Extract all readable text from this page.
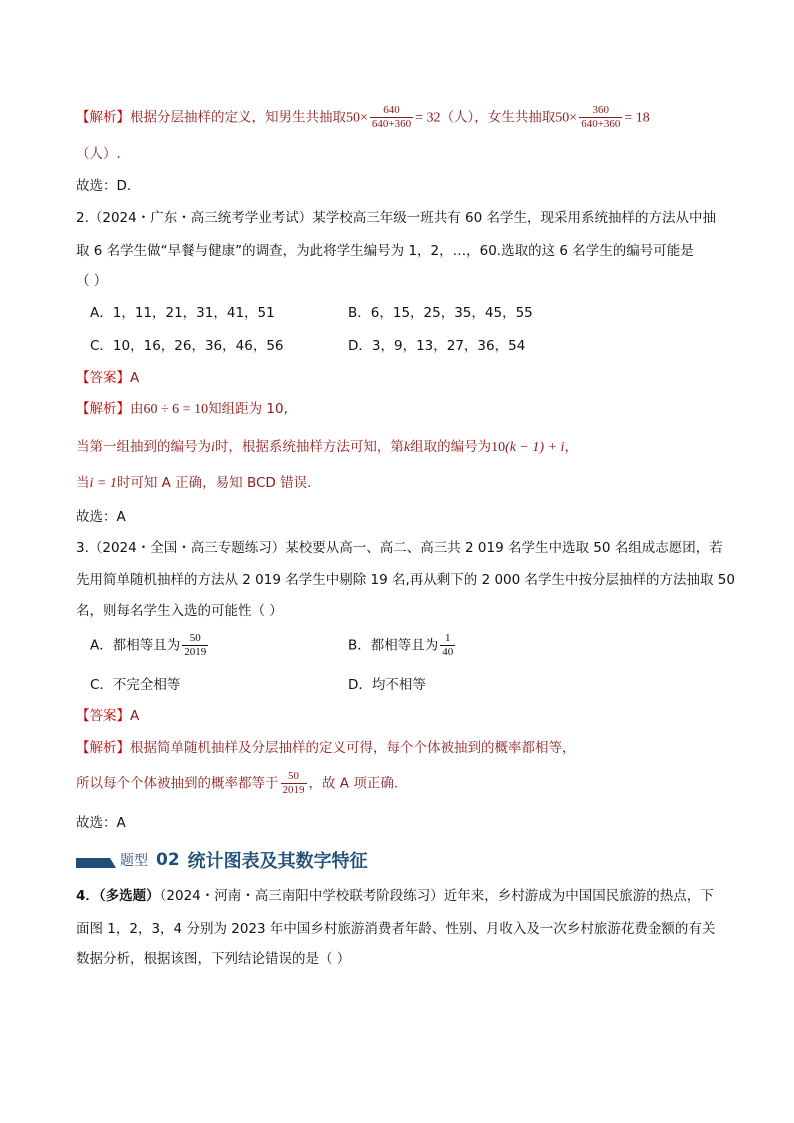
【解析】根据分层抽样的定义，知男生共抽取$50\times \frac{640}{640+360} = 32$（人），女生共抽取$50\times \frac{360}{640+360} = 18$
（人）.
故选：D.
2.（2024・广东・高三统考学业考试）某学校高三年级一班共有 60 名学生，现采用系统抽样的方法从中抽
取 6 名学生做“早餐与健康”的调查，为此将学生编号为 1，2，…，60.选取的这 6 名学生的编号可能是
（ ）
A．1，11，21，31，41，51	B．6，15，25，35，45，55
C．10，16，26，36，46，56	D．3，9，13，27，36，54
【答案】A
【解析】由60 ÷ 6 = 10知组距为 10,
当第一组抽到的编号为i时，根据系统抽样方法可知，第k组取的编号为10(k − 1) + i，
当i = 1时可知 A 正确，易知 BCD 错误.
故选：A
3.（2024・全国・高三专题练习）某校要从高一、高二、高三共 2 019 名学生中选取 50 名组成志愿团，若
先用简单随机抽样的方法从 2 019 名学生中剔除 19 名,再从剩下的 2 000 名学生中按分层抽样的方法抽取 50
名，则每名学生入选的可能性（ ）
A．都相等且为 $\frac{50}{2019}$	B．都相等且为 $\frac{1}{40}$
C．不完全相等	D．均不相等
【答案】A
【解析】根据简单随机抽样及分层抽样的定义可得，每个个体被抽到的概率都相等，
所以每个个体被抽到的概率都等于 $\frac{50}{2019}$ ，故 A 项正确.
故选：A
题型 02 统计图表及其数字特征
4．（多选题）（2024・河南・高三南阳中学校联考阶段练习）近年来，乡村游成为中国国民旅游的热点，下
面图 1，2，3，4 分别为 2023 年中国乡村旅游消费者年龄、性别、月收入及一次乡村旅游花费金额的有关
数据分析，根据该图，下列结论错误的是（ ）
